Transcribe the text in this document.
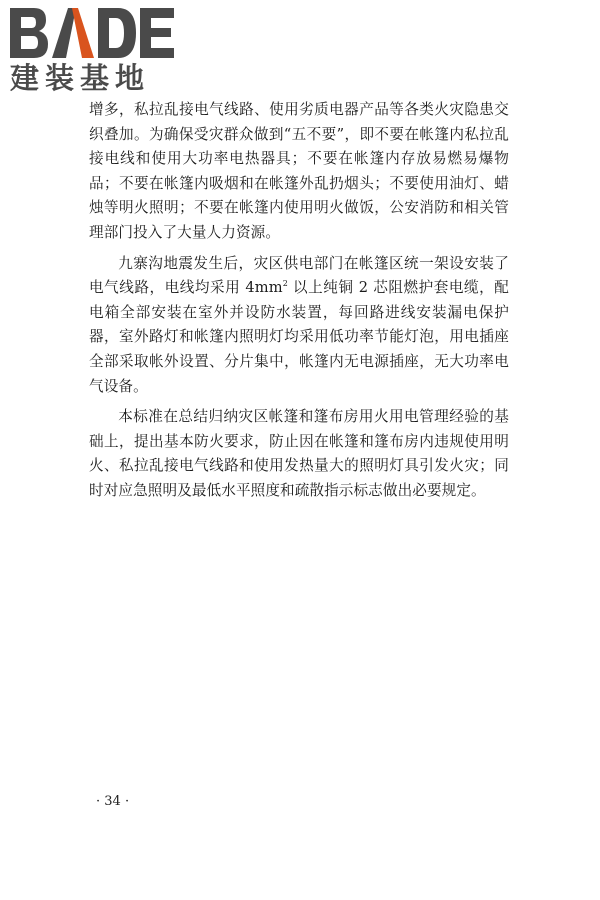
建装基地

增多，私拉乱接电气线路、使用劣质电器产品等各类火灾隐患交织叠加。为确保受灾群众做到“五不要”，即不要在帐篷内私拉乱接电线和使用大功率电热器具；不要在帐篷内存放易燃易爆物品；不要在帐篷内吸烟和在帐篷外乱扔烟头；不要使用油灯、蜡烛等明火照明；不要在帐篷内使用明火做饭，公安消防和相关管理部门投入了大量人力资源。

九寨沟地震发生后，灾区供电部门在帐篷区统一架设安装了电气线路，电线均采用 $4mm^2$ 以上纯铜 2 芯阻燃护套电缆，配电箱全部安装在室外并设防水装置，每回路进线安装漏电保护器，室外路灯和帐篷内照明灯均采用低功率节能灯泡，用电插座全部采取帐外设置、分片集中，帐篷内无电源插座，无大功率电气设备。

本标准在总结归纳灾区帐篷和篷布房用火用电管理经验的基础上，提出基本防火要求，防止因在帐篷和篷布房内违规使用明火、私拉乱接电气线路和使用发热量大的照明灯具引发火灾；同时对应急照明及最低水平照度和疏散指示标志做出必要规定。

· 34 ·
